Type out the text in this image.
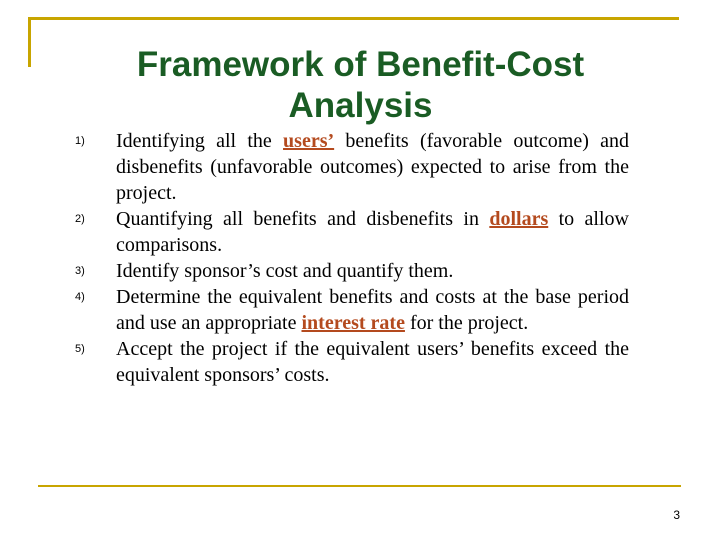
Framework of Benefit-Cost Analysis
1) Identifying all the users’ benefits (favorable outcome) and disbenefits (unfavorable outcomes) expected to arise from the project.
2) Quantifying all benefits and disbenefits in dollars to allow comparisons.
3) Identify sponsor’s cost and quantify them.
4) Determine the equivalent benefits and costs at the base period and use an appropriate interest rate for the project.
5) Accept the project if the equivalent users’ benefits exceed the equivalent sponsors’ costs.
3
